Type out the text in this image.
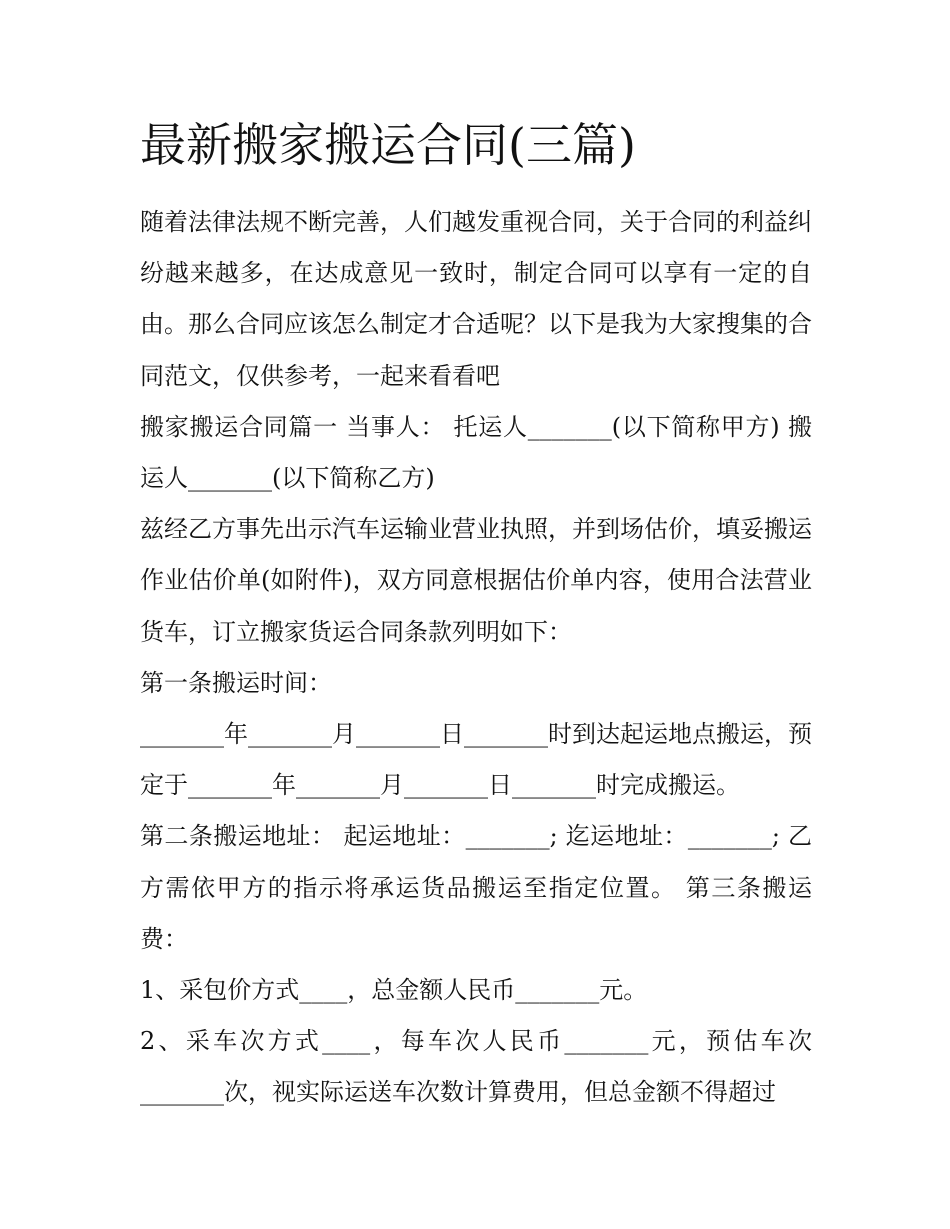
最新搬家搬运合同(三篇)

随着法律法规不断完善，人们越发重视合同，关于合同的利益纠纷越来越多，在达成意见一致时，制定合同可以享有一定的自由。那么合同应该怎么制定才合适呢？以下是我为大家搜集的合同范文，仅供参考，一起来看看吧

搬家搬运合同篇一 当事人： 托运人_______(以下简称甲方) 搬运人_______(以下简称乙方)

兹经乙方事先出示汽车运输业营业执照，并到场估价，填妥搬运作业估价单(如附件)，双方同意根据估价单内容，使用合法营业货车，订立搬家货运合同条款列明如下：

第一条搬运时间：

_______年_______月_______日_______时到达起运地点搬运，预定于_______年_______月_______日_______时完成搬运。

第二条搬运地址： 起运地址：_______; 迄运地址：_______; 乙方需依甲方的指示将承运货品搬运至指定位置。 第三条搬运费：

1、采包价方式____，总金额人民币_______元。

2、采车次方式____，每车次人民币_______元，预估车次_______次，视实际运送车次数计算费用，但总金额不得超过
